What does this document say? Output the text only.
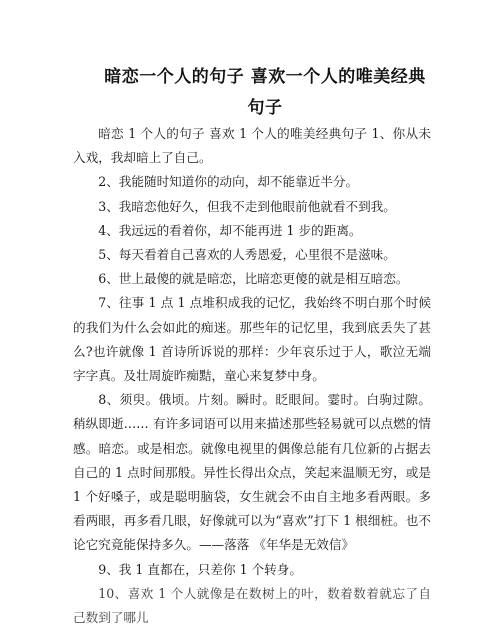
暗恋一个人的句子 喜欢一个人的唯美经典
句子

暗恋 1 个人的句子 喜欢 1 个人的唯美经典句子 1、你从未入戏，我却暗上了自己。

2、我能随时知道你的动向，却不能靠近半分。

3、我暗恋他好久，但我不走到他眼前他就看不到我。

4、我远远的看着你，却不能再进 1 步的距离。

5、每天看着自己喜欢的人秀恩爱，心里很不是滋味。

6、世上最傻的就是暗恋，比暗恋更傻的就是相互暗恋。

7、往事 1 点 1 点堆积成我的记忆，我始终不明白那个时候的我们为什么会如此的痴迷。那些年的记忆里，我到底丢失了甚么?也许就像 1 首诗所诉说的那样：少年哀乐过于人，歌泣无端字字真。及壮周旋昨痴黠，童心来复梦中身。

8、须臾。俄顷。片刻。瞬时。眨眼间。霎时。白驹过隙。稍纵即逝…… 有许多词语可以用来描述那些轻易就可以点燃的情感。暗恋。或是相恋。就像电视里的偶像总能有几位新的占据去自己的 1 点时间那般。异性长得出众点，笑起来温顺无穷，或是 1 个好嗓子，或是聪明脑袋，女生就会不由自主地多看两眼。多看两眼，再多看几眼，好像就可以为“喜欢”打下 1 根细桩。也不论它究竟能保持多久。——落落 《年华是无效信》

9、我 1 直都在，只差你 1 个转身。

10、喜欢 1 个人就像是在数树上的叶，数着数着就忘了自己数到了哪儿
